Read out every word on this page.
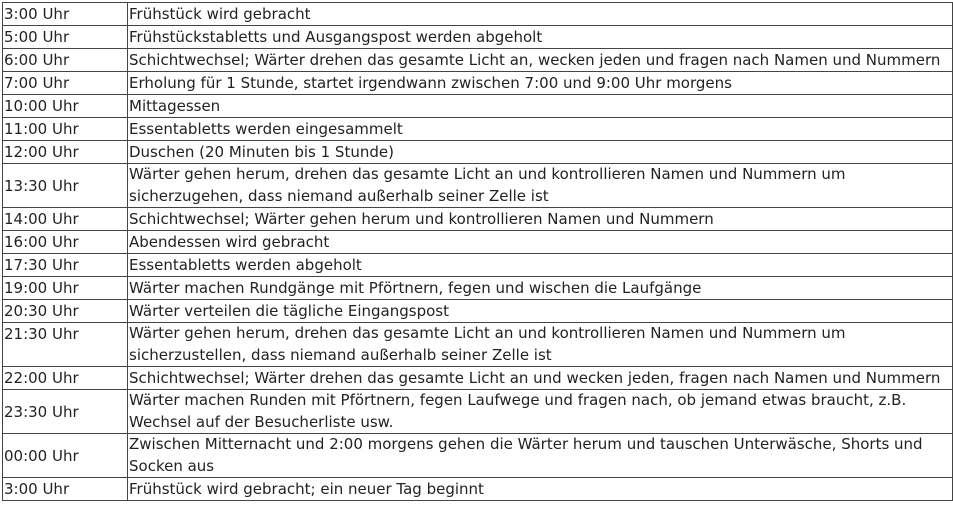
3:00 Uhr	Frühstück wird gebracht
5:00 Uhr	Frühstückstabletts und Ausgangspost werden abgeholt
6:00 Uhr	Schichtwechsel; Wärter drehen das gesamte Licht an, wecken jeden und fragen nach Namen und Nummern
7:00 Uhr	Erholung für 1 Stunde, startet irgendwann zwischen 7:00 und 9:00 Uhr morgens
10:00 Uhr	Mittagessen
11:00 Uhr	Essentabletts werden eingesammelt
12:00 Uhr	Duschen (20 Minuten bis 1 Stunde)
13:30 Uhr	Wärter gehen herum, drehen das gesamte Licht an und kontrollieren Namen und Nummern um sicherzugehen, dass niemand außerhalb seiner Zelle ist
14:00 Uhr	Schichtwechsel; Wärter gehen herum und kontrollieren Namen und Nummern
16:00 Uhr	Abendessen wird gebracht
17:30 Uhr	Essentabletts werden abgeholt
19:00 Uhr	Wärter machen Rundgänge mit Pförtnern, fegen und wischen die Laufgänge
20:30 Uhr	Wärter verteilen die tägliche Eingangspost
21:30 Uhr	Wärter gehen herum, drehen das gesamte Licht an und kontrollieren Namen und Nummern um sicherzustellen, dass niemand außerhalb seiner Zelle ist
22:00 Uhr	Schichtwechsel; Wärter drehen das gesamte Licht an und wecken jeden, fragen nach Namen und Nummern
23:30 Uhr	Wärter machen Runden mit Pförtnern, fegen Laufwege und fragen nach, ob jemand etwas braucht, z.B. Wechsel auf der Besucherliste usw.
00:00 Uhr	Zwischen Mitternacht und 2:00 morgens gehen die Wärter herum und tauschen Unterwäsche, Shorts und Socken aus
3:00 Uhr	Frühstück wird gebracht; ein neuer Tag beginnt
